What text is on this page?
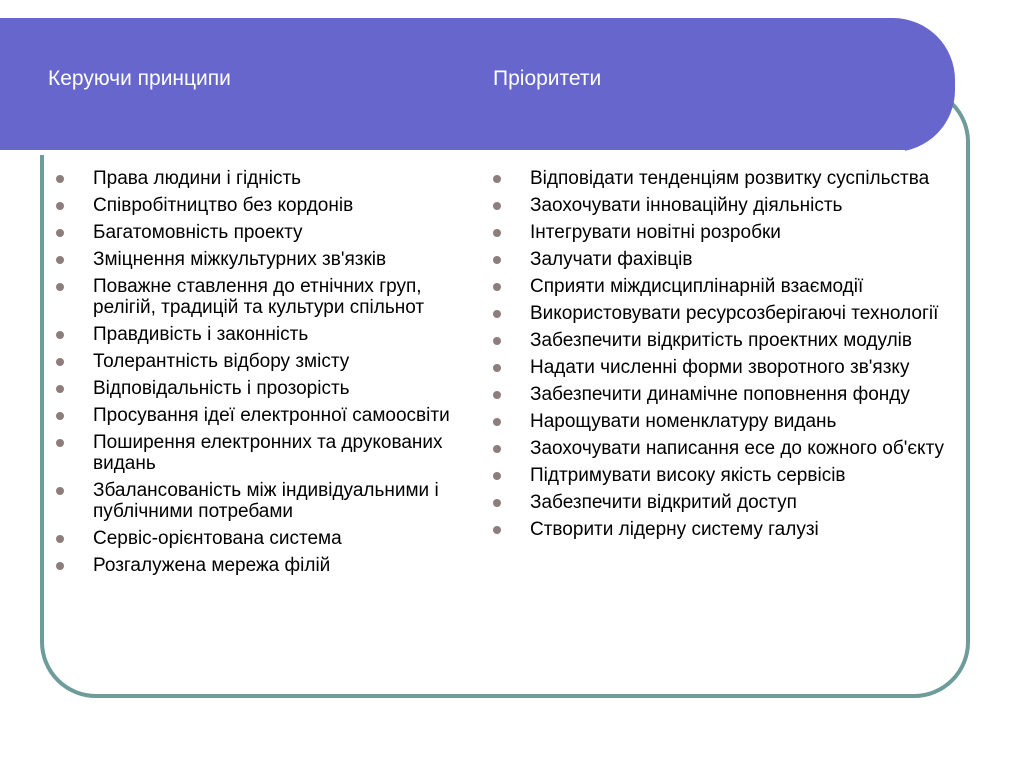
Керуючи принципи	Пріоритети
Права людини і гідність
Співробітництво без кордонів
Багатомовність проекту
Зміцнення міжкультурних зв'язків
Поважне ставлення до етнічних груп, релігій, традицій та культури спільнот
Правдивість і законність
Толерантність відбору змісту
Відповідальність і прозорість
Просування ідеї електронної самоосвіти
Поширення електронних та друкованих видань
Збалансованість між індивідуальними і публічними потребами
Сервіс-орієнтована система
Розгалужена мережа філій
Відповідати тенденціям розвитку суспільства
Заохочувати інноваційну діяльність
Інтегрувати новітні розробки
Залучати фахівців
Сприяти міждисциплінарній взаємодії
Використовувати ресурсозберігаючі технології
Забезпечити відкритість проектних модулів
Надати численні форми зворотного зв'язку
Забезпечити динамічне поповнення фонду
Нарощувати номенклатуру видань
Заохочувати написання есе до кожного об'єкту
Підтримувати високу якість сервісів
Забезпечити відкритий доступ
Створити лідерну систему галузі
